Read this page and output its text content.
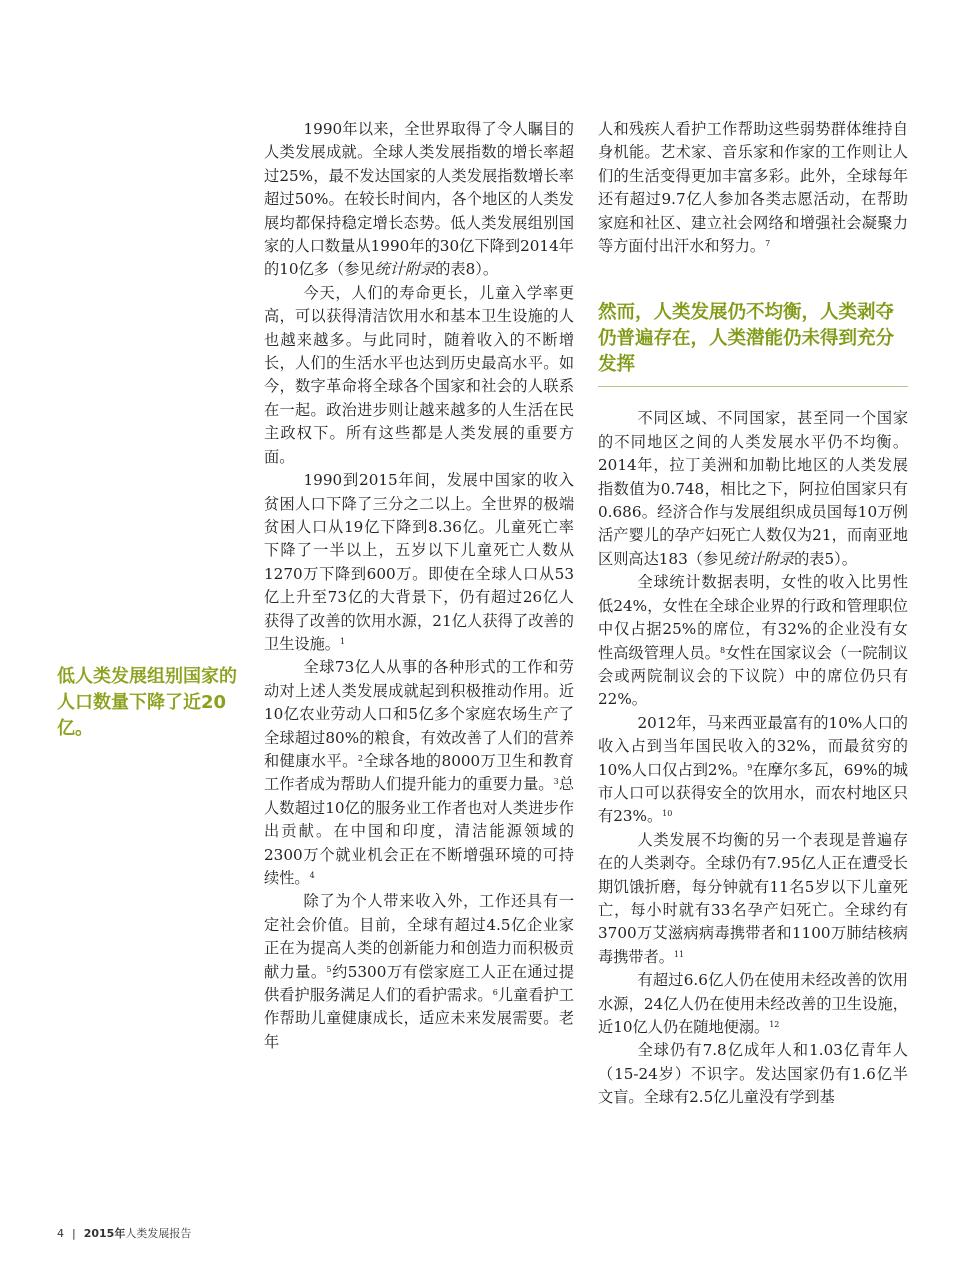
低人类发展组别国家的人口数量下降了近20亿。

1990年以来，全世界取得了令人瞩目的人类发展成就。全球人类发展指数的增长率超过25%，最不发达国家的人类发展指数增长率超过50%。在较长时间内，各个地区的人类发展均都保持稳定增长态势。低人类发展组别国家的人口数量从1990年的30亿下降到2014年的10亿多（参见统计附录的表8）。

今天，人们的寿命更长，儿童入学率更高，可以获得清洁饮用水和基本卫生设施的人也越来越多。与此同时，随着收入的不断增长，人们的生活水平也达到历史最高水平。如今，数字革命将全球各个国家和社会的人联系在一起。政治进步则让越来越多的人生活在民主政权下。所有这些都是人类发展的重要方面。

1990到2015年间，发展中国家的收入贫困人口下降了三分之二以上。全世界的极端贫困人口从19亿下降到8.36亿。儿童死亡率下降了一半以上，五岁以下儿童死亡人数从1270万下降到600万。即使在全球人口从53亿上升至73亿的大背景下，仍有超过26亿人获得了改善的饮用水源，21亿人获得了改善的卫生设施。$^1$

全球73亿人从事的各种形式的工作和劳动对上述人类发展成就起到积极推动作用。近10亿农业劳动人口和5亿多个家庭农场生产了全球超过80%的粮食，有效改善了人们的营养和健康水平。$^2$全球各地的8000万卫生和教育工作者成为帮助人们提升能力的重要力量。$^3$总人数超过10亿的服务业工作者也对人类进步作出贡献。在中国和印度，清洁能源领域的2300万个就业机会正在不断增强环境的可持续性。$^4$

除了为个人带来收入外，工作还具有一定社会价值。目前，全球有超过4.5亿企业家正在为提高人类的创新能力和创造力而积极贡献力量。$^5$约5300万有偿家庭工人正在通过提供看护服务满足人们的看护需求。$^6$儿童看护工作帮助儿童健康成长，适应未来发展需要。老年

人和残疾人看护工作帮助这些弱势群体维持自身机能。艺术家、音乐家和作家的工作则让人们的生活变得更加丰富多彩。此外，全球每年还有超过9.7亿人参加各类志愿活动，在帮助家庭和社区、建立社会网络和增强社会凝聚力等方面付出汗水和努力。$^7$

然而，人类发展仍不均衡，人类剥夺仍普遍存在，人类潜能仍未得到充分发挥

不同区域、不同国家，甚至同一个国家的不同地区之间的人类发展水平仍不均衡。2014年，拉丁美洲和加勒比地区的人类发展指数值为0.748，相比之下，阿拉伯国家只有0.686。经济合作与发展组织成员国每10万例活产婴儿的孕产妇死亡人数仅为21，而南亚地区则高达183（参见统计附录的表5）。

全球统计数据表明，女性的收入比男性低24%，女性在全球企业界的行政和管理职位中仅占据25%的席位，有32%的企业没有女性高级管理人员。$^8$女性在国家议会（一院制议会或两院制议会的下议院）中的席位仍只有22%。

2012年，马来西亚最富有的10%人口的收入占到当年国民收入的32%，而最贫穷的10%人口仅占到2%。$^9$在摩尔多瓦，69%的城市人口可以获得安全的饮用水，而农村地区只有23%。$^{10}$

人类发展不均衡的另一个表现是普遍存在的人类剥夺。全球仍有7.95亿人正在遭受长期饥饿折磨，每分钟就有11名5岁以下儿童死亡，每小时就有33名孕产妇死亡。全球约有3700万艾滋病病毒携带者和1100万肺结核病毒携带者。$^{11}$

有超过6.6亿人仍在使用未经改善的饮用水源，24亿人仍在使用未经改善的卫生设施，近10亿人仍在随地便溺。$^{12}$

全球仍有7.8亿成年人和1.03亿青年人（15-24岁）不识字。发达国家仍有1.6亿半文盲。全球有2.5亿儿童没有学到基

4 | 2015年人类发展报告
